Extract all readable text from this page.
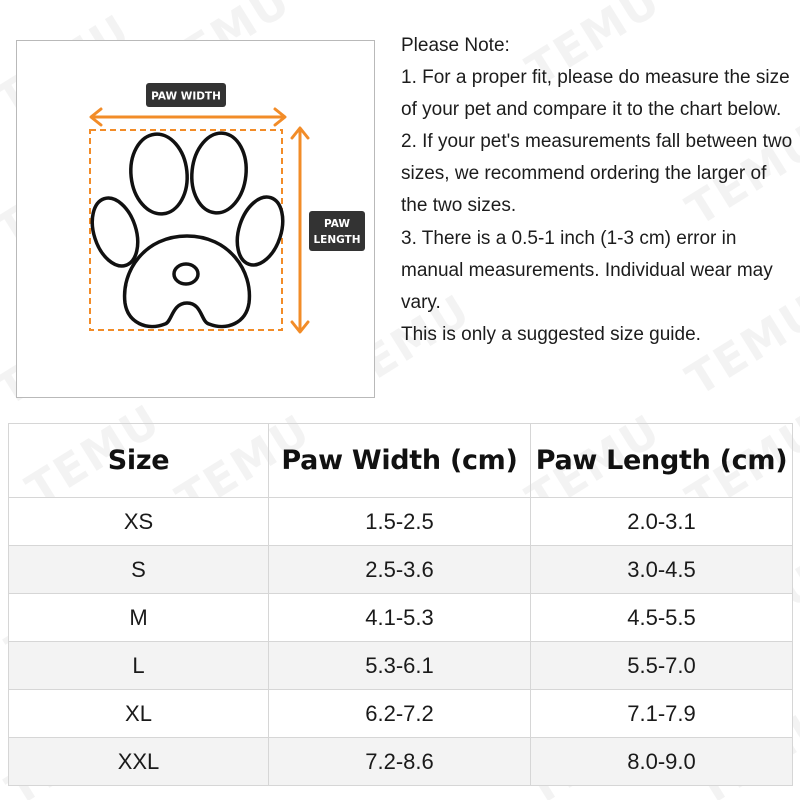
PAW WIDTH
PAW
LENGTH

Please Note:

1. For a proper fit, please do measure the size of your pet and compare it to the chart below.

2. If your pet's measurements fall between two sizes, we recommend ordering the larger of the two sizes.

3. There is a 0.5-1 inch (1-3 cm) error in manual measurements. Individual wear may vary.

This is only a suggested size guide.

Size	Paw Width (cm)	Paw Length (cm)
XS	1.5-2.5	2.0-3.1
S	2.5-3.6	3.0-4.5
M	4.1-5.3	4.5-5.5
L	5.3-6.1	5.5-7.0
XL	6.2-7.2	7.1-7.9
XXL	7.2-8.6	8.0-9.0
